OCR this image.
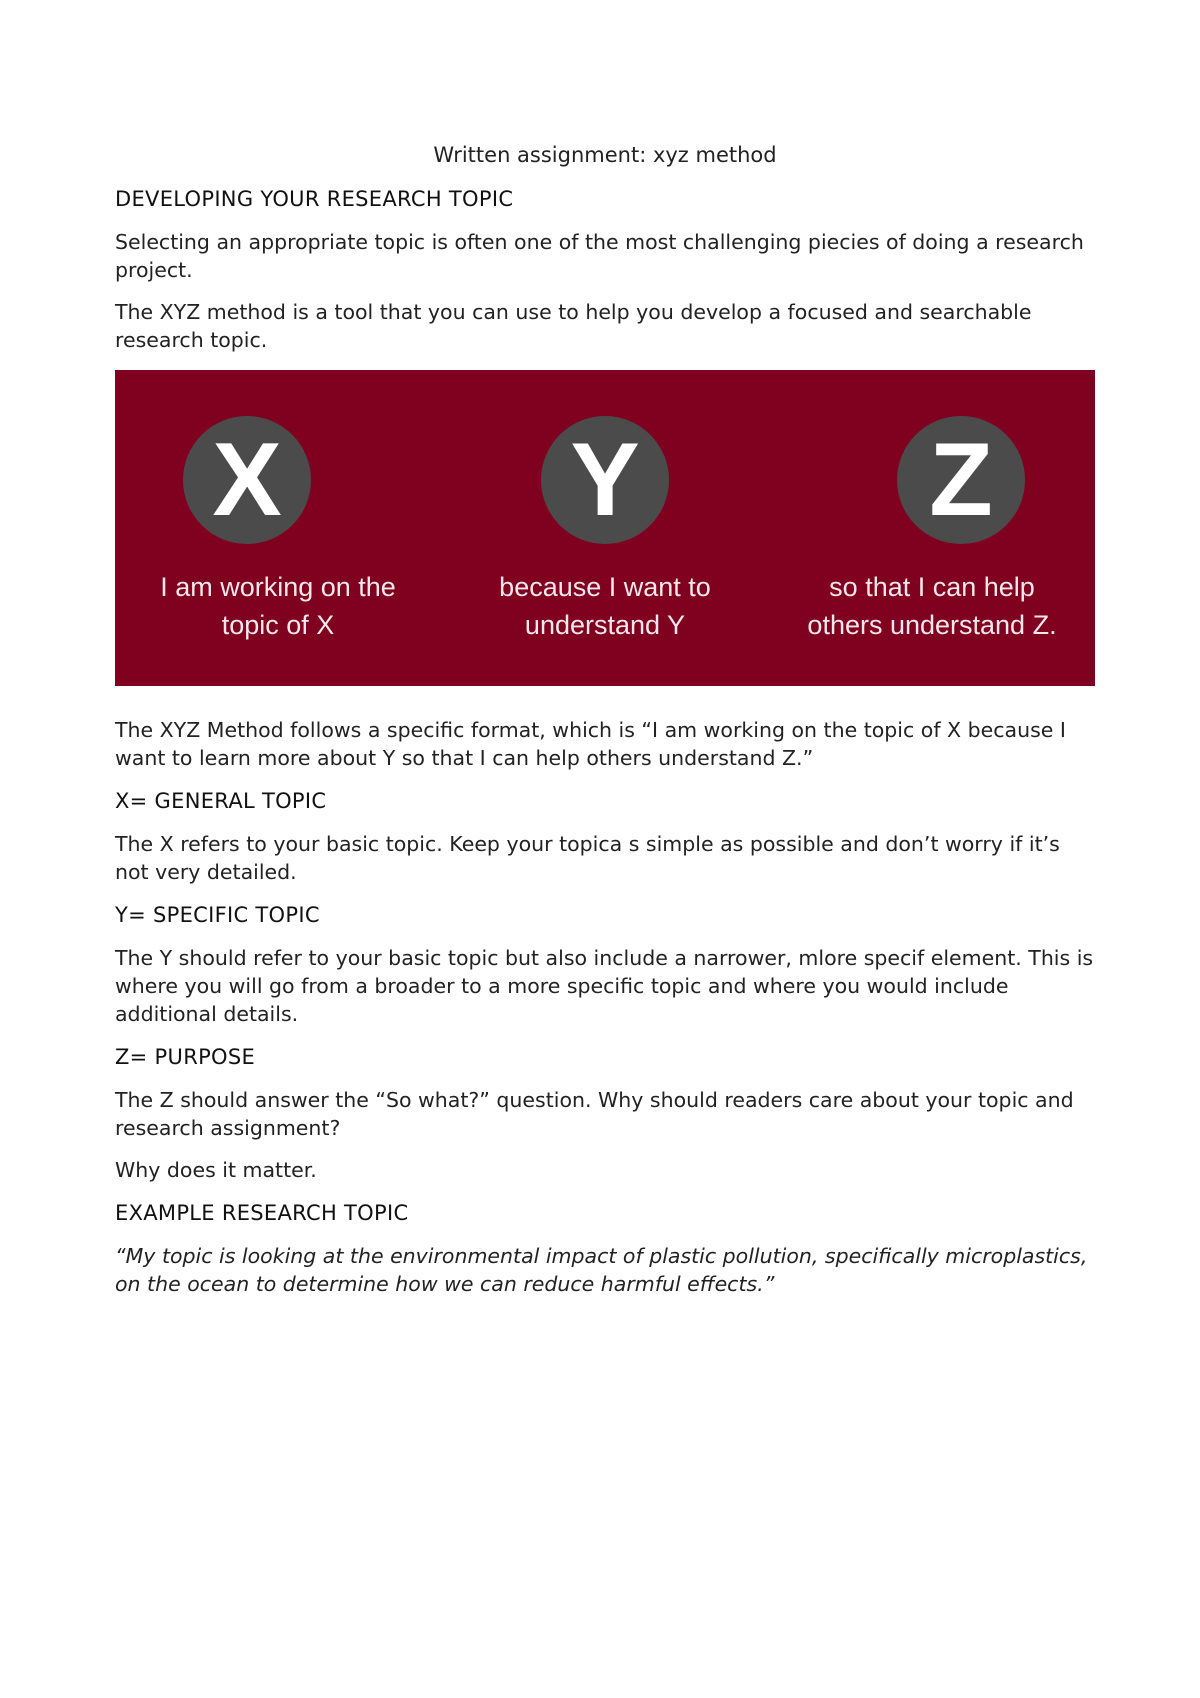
Written assignment: xyz method
DEVELOPING YOUR RESEARCH TOPIC

Selecting an appropriate topic is often one of the most challenging piecies of doing a research project.

The XYZ method is a tool that you can use to help you develop a focused and searchable research topic.

X
I am working on the
topic of X
Y
because I want to
understand Y
Z
so that I can help
others understand Z.

The XYZ Method follows a specific format, which is “I am working on the topic of X because I want to learn more about Y so that I can help others understand Z.”

X= GENERAL TOPIC

The X refers to your basic topic. Keep your topica s simple as possible and don’t worry if it’s not very detailed.

Y= SPECIFIC TOPIC

The Y should refer to your basic topic but also include a narrower, mlore specif element. This is where you will go from a broader to a more specific topic and where you would include additional details.

Z= PURPOSE

The Z should answer the “So what?” question. Why should readers care about your topic and research assignment?

Why does it matter.

EXAMPLE RESEARCH TOPIC

“My topic is looking at the environmental impact of plastic pollution, specifically microplastics, on the ocean to determine how we can reduce harmful effects.”
